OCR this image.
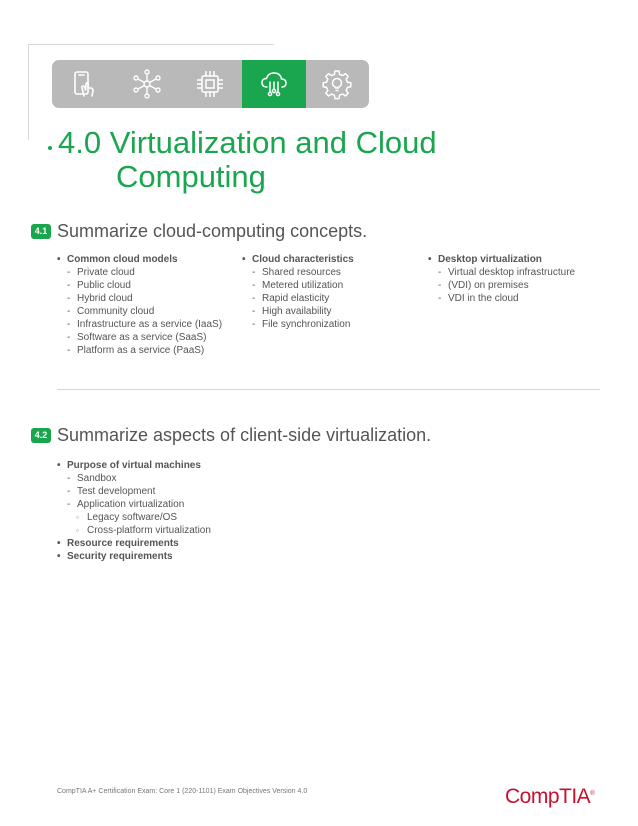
4.0 Virtualization and Cloud
Computing
4.1 Summarize cloud-computing concepts.
• Common cloud models
- Private cloud
- Public cloud
- Hybrid cloud
- Community cloud
- Infrastructure as a service (IaaS)
- Software as a service (SaaS)
- Platform as a service (PaaS)
• Cloud characteristics
- Shared resources
- Metered utilization
- Rapid elasticity
- High availability
- File synchronization
• Desktop virtualization
- Virtual desktop infrastructure
- (VDI) on premises
- VDI in the cloud
4.2 Summarize aspects of client-side virtualization.
• Purpose of virtual machines
- Sandbox
- Test development
- Application virtualization
▫ Legacy software/OS
▫ Cross-platform virtualization
• Resource requirements
• Security requirements
CompTIA A+ Certification Exam: Core 1 (220-1101) Exam Objectives Version 4.0	CompTIA®
